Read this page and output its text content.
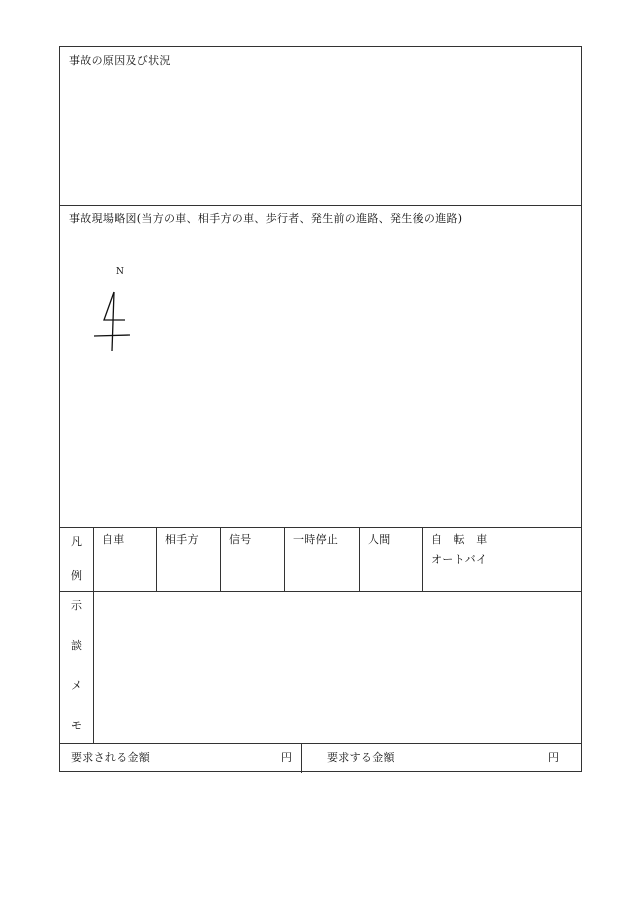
事故の原因及び状況
事故現場略図(当方の車、相手方の車、歩行者、発生前の進路、発生後の進路)
N
凡
例
自車	相手方	信号	一時停止	人間	自　転　車
オートバイ
示
談
メ
モ
要求される金額	円	要求する金額	円
